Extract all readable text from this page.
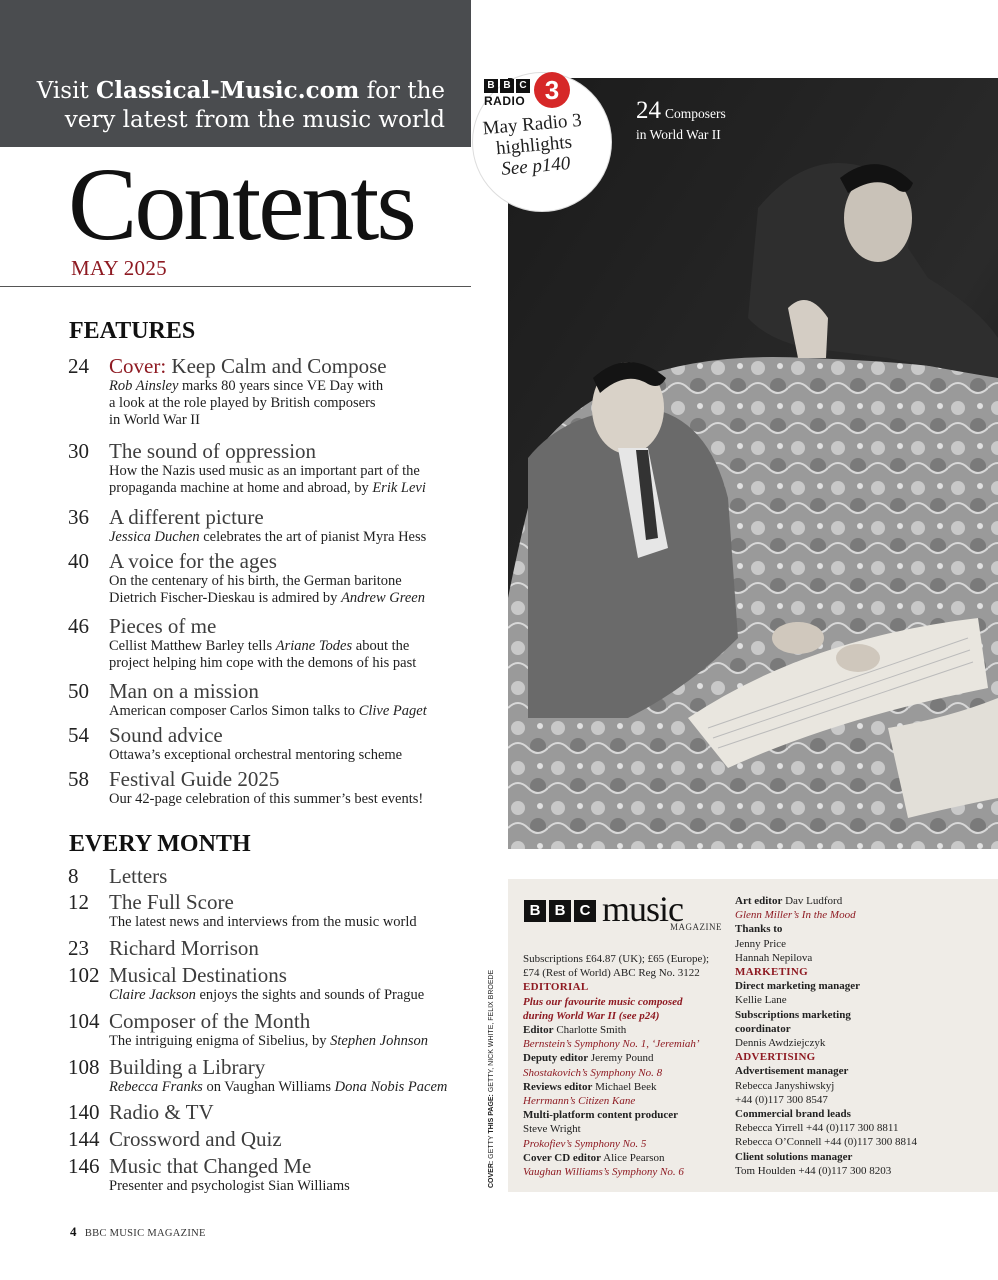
Visit Classical-Music.com for the
very latest from the music world
Contents
MAY 2025
FEATURES
24 Cover: Keep Calm and Compose
Rob Ainsley marks 80 years since VE Day with
a look at the role played by British composers
in World War II
30 The sound of oppression
How the Nazis used music as an important part of the
propaganda machine at home and abroad, by Erik Levi
36 A different picture
Jessica Duchen celebrates the art of pianist Myra Hess
40 A voice for the ages
On the centenary of his birth, the German baritone
Dietrich Fischer-Dieskau is admired by Andrew Green
46 Pieces of me
Cellist Matthew Barley tells Ariane Todes about the
project helping him cope with the demons of his past
50 Man on a mission
American composer Carlos Simon talks to Clive Paget
54 Sound advice
Ottawa’s exceptional orchestral mentoring scheme
58 Festival Guide 2025
Our 42-page celebration of this summer’s best events!
EVERY MONTH
8 Letters
12 The Full Score
The latest news and interviews from the music world
23 Richard Morrison
102 Musical Destinations
Claire Jackson enjoys the sights and sounds of Prague
104 Composer of the Month
The intriguing enigma of Sibelius, by Stephen Johnson
108 Building a Library
Rebecca Franks on Vaughan Williams Dona Nobis Pacem
140 Radio & TV
144 Crossword and Quiz
146 Music that Changed Me
Presenter and psychologist Sian Williams
24 Composers
in World War II
B B C
RADIO 3
May Radio 3
highlights
See p140
COVER: GETTY THIS PAGE: GETTY, NICK WHITE, FELIX BROEDE
B B C music
MAGAZINE
Subscriptions £64.87 (UK); £65 (Europe);
£74 (Rest of World) ABC Reg No. 3122
EDITORIAL
Plus our favourite music composed
during World War II (see p24)
Editor Charlotte Smith
Bernstein’s Symphony No. 1, ‘Jeremiah’
Deputy editor Jeremy Pound
Shostakovich’s Symphony No. 8
Reviews editor Michael Beek
Herrmann’s Citizen Kane
Multi-platform content producer
Steve Wright
Prokofiev’s Symphony No. 5
Cover CD editor Alice Pearson
Vaughan Williams’s Symphony No. 6
Art editor Dav Ludford
Glenn Miller’s In the Mood
Thanks to
Jenny Price
Hannah Nepilova
MARKETING
Direct marketing manager
Kellie Lane
Subscriptions marketing
coordinator
Dennis Awdziejczyk
ADVERTISING
Advertisement manager
Rebecca Janyshiwskyj
+44 (0)117 300 8547
Commercial brand leads
Rebecca Yirrell +44 (0)117 300 8811
Rebecca O’Connell +44 (0)117 300 8814
Client solutions manager
Tom Houlden +44 (0)117 300 8203
4 BBC MUSIC MAGAZINE
